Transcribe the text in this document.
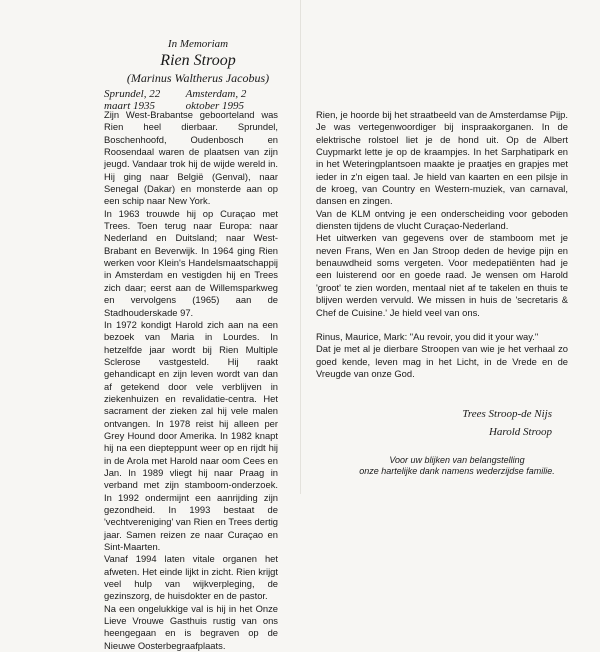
In Memoriam
Rien Stroop
(Marinus Waltherus Jacobus)
Sprundel, 22 maart 1935
Amsterdam, 2 oktober 1995

Zijn West-Brabantse geboorteland was Rien heel dierbaar. Sprundel, Boschenhoofd, Oudenbosch en Roosendaal waren de plaatsen van zijn jeugd. Vandaar trok hij de wijde wereld in. Hij ging naar België (Genval), naar Senegal (Dakar) en monsterde aan op een schip naar New York.

In 1963 trouwde hij op Curaçao met Trees. Toen terug naar Europa: naar Nederland en Duitsland; naar West-Brabant en Beverwijk. In 1964 ging Rien werken voor Klein's Handelsmaatschappij in Amsterdam en vestigden hij en Trees zich daar; eerst aan de Willemsparkweg en vervolgens (1965) aan de Stadhouderskade 97.

In 1972 kondigt Harold zich aan na een bezoek van Maria in Lourdes. In hetzelfde jaar wordt bij Rien Multiple Sclerose vastgesteld. Hij raakt gehandicapt en zijn leven wordt van dan af getekend door vele verblijven in ziekenhuizen en revalidatie-centra. Het sacrament der zieken zal hij vele malen ontvangen. In 1978 reist hij alleen per Grey Hound door Amerika. In 1982 knapt hij na een diepteppunt weer op en rijdt hij in de Arola met Harold naar oom Cees en Jan. In 1989 vliegt hij naar Praag in verband met zijn stamboom-onderzoek. In 1992 ondermijnt een aanrijding zijn gezondheid. In 1993 bestaat de 'vechtvereniging' van Rien en Trees dertig jaar. Samen reizen ze naar Curaçao en Sint-Maarten.

Vanaf 1994 laten vitale organen het afweten. Het einde lijkt in zicht. Rien krijgt veel hulp van wijkverpleging, de gezinszorg, de huisdokter en de pastor.

Na een ongelukkige val is hij in het Onze Lieve Vrouwe Gasthuis rustig van ons heengegaan en is begraven op de Nieuwe Oosterbegraafplaats.

Rien, je hoorde bij het straatbeeld van de Amsterdamse Pijp. Je was vertegenwoordiger bij inspraakorganen. In de elektrische rolstoel liet je de hond uit. Op de Albert Cuypmarkt lette je op de kraampjes. In het Sarphatipark en in het Weteringplantsoen maakte je praatjes en grapjes met ieder in z'n eigen taal. Je hield van kaarten en een pilsje in de kroeg, van Country en Western-muziek, van carnaval, dansen en zingen.

Van de KLM ontving je een onderscheiding voor geboden diensten tijdens de vlucht Curaçao-Nederland.

Het uitwerken van gegevens over de stamboom met je neven Frans, Wen en Jan Stroop deden de hevige pijn en benauwdheid soms vergeten. Voor medepatiënten had je een luisterend oor en goede raad. Je wensen om Harold 'groot' te zien worden, mentaal niet af te takelen en thuis te blijven werden vervuld. We missen in huis de 'secretaris & Chef de Cuisine.' Je hield veel van ons.

Rinus, Maurice, Mark: "Au revoir, you did it your way."

Dat je met al je dierbare Stroopen van wie je het verhaal zo goed kende, leven mag in het Licht, in de Vrede en de Vreugde van onze God.

Trees Stroop-de Nijs
Harold Stroop
Voor uw blijken van belangstelling
onze hartelijke dank namens wederzijdse familie.
